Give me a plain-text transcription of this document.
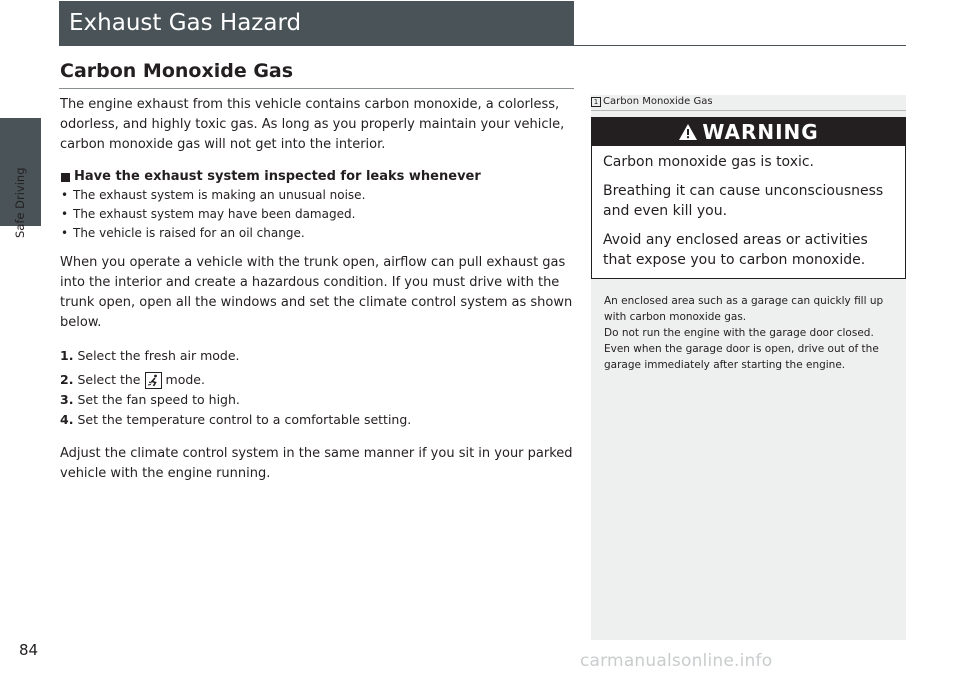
Safe Driving
Exhaust Gas Hazard
Carbon Monoxide Gas

The engine exhaust from this vehicle contains carbon monoxide, a colorless, odorless, and highly toxic gas. As long as you properly maintain your vehicle, carbon monoxide gas will not get into the interior.

Have the exhaust system inspected for leaks whenever
• The exhaust system is making an unusual noise.
• The exhaust system may have been damaged.
• The vehicle is raised for an oil change.

When you operate a vehicle with the trunk open, airflow can pull exhaust gas into the interior and create a hazardous condition. If you must drive with the trunk open, open all the windows and set the climate control system as shown below.

1. Select the fresh air mode.
2. Select the mode.
3. Set the fan speed to high.
4. Set the temperature control to a comfortable setting.

Adjust the climate control system in the same manner if you sit in your parked vehicle with the engine running.

1 Carbon Monoxide Gas
WARNING

Carbon monoxide gas is toxic.

Breathing it can cause unconsciousness and even kill you.

Avoid any enclosed areas or activities that expose you to carbon monoxide.

An enclosed area such as a garage can quickly fill up with carbon monoxide gas.

Do not run the engine with the garage door closed.

Even when the garage door is open, drive out of the garage immediately after starting the engine.

84
carmanualsonline.info
